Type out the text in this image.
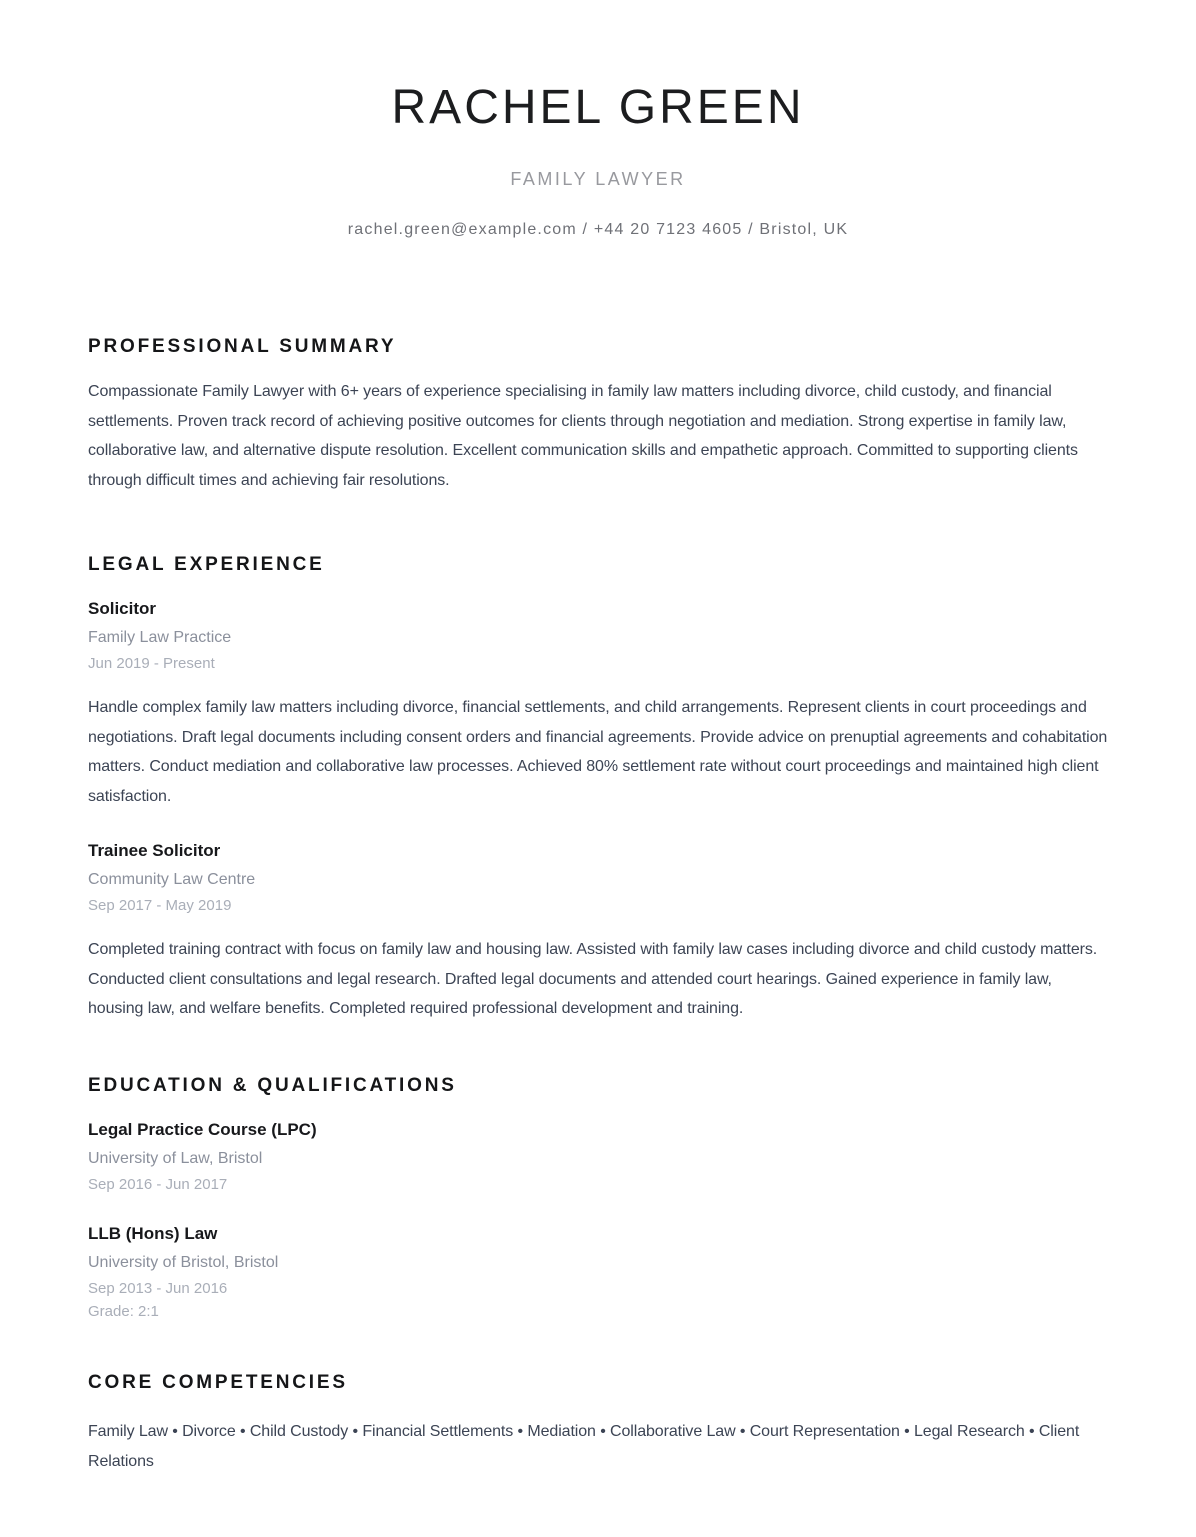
RACHEL GREEN
FAMILY LAWYER
rachel.green@example.com / +44 20 7123 4605 / Bristol, UK
PROFESSIONAL SUMMARY

Compassionate Family Lawyer with 6+ years of experience specialising in family law matters including divorce, child custody, and financial settlements. Proven track record of achieving positive outcomes for clients through negotiation and mediation. Strong expertise in family law, collaborative law, and alternative dispute resolution. Excellent communication skills and empathetic approach. Committed to supporting clients through difficult times and achieving fair resolutions.

LEGAL EXPERIENCE
Solicitor
Family Law Practice
Jun 2019 - Present

Handle complex family law matters including divorce, financial settlements, and child arrangements. Represent clients in court proceedings and negotiations. Draft legal documents including consent orders and financial agreements. Provide advice on prenuptial agreements and cohabitation matters. Conduct mediation and collaborative law processes. Achieved 80% settlement rate without court proceedings and maintained high client satisfaction.

Trainee Solicitor
Community Law Centre
Sep 2017 - May 2019

Completed training contract with focus on family law and housing law. Assisted with family law cases including divorce and child custody matters. Conducted client consultations and legal research. Drafted legal documents and attended court hearings. Gained experience in family law, housing law, and welfare benefits. Completed required professional development and training.

EDUCATION & QUALIFICATIONS
Legal Practice Course (LPC)
University of Law, Bristol
Sep 2016 - Jun 2017
LLB (Hons) Law
University of Bristol, Bristol
Sep 2013 - Jun 2016
Grade: 2:1
CORE COMPETENCIES

Family Law • Divorce • Child Custody • Financial Settlements • Mediation • Collaborative Law • Court Representation • Legal Research • Client Relations
